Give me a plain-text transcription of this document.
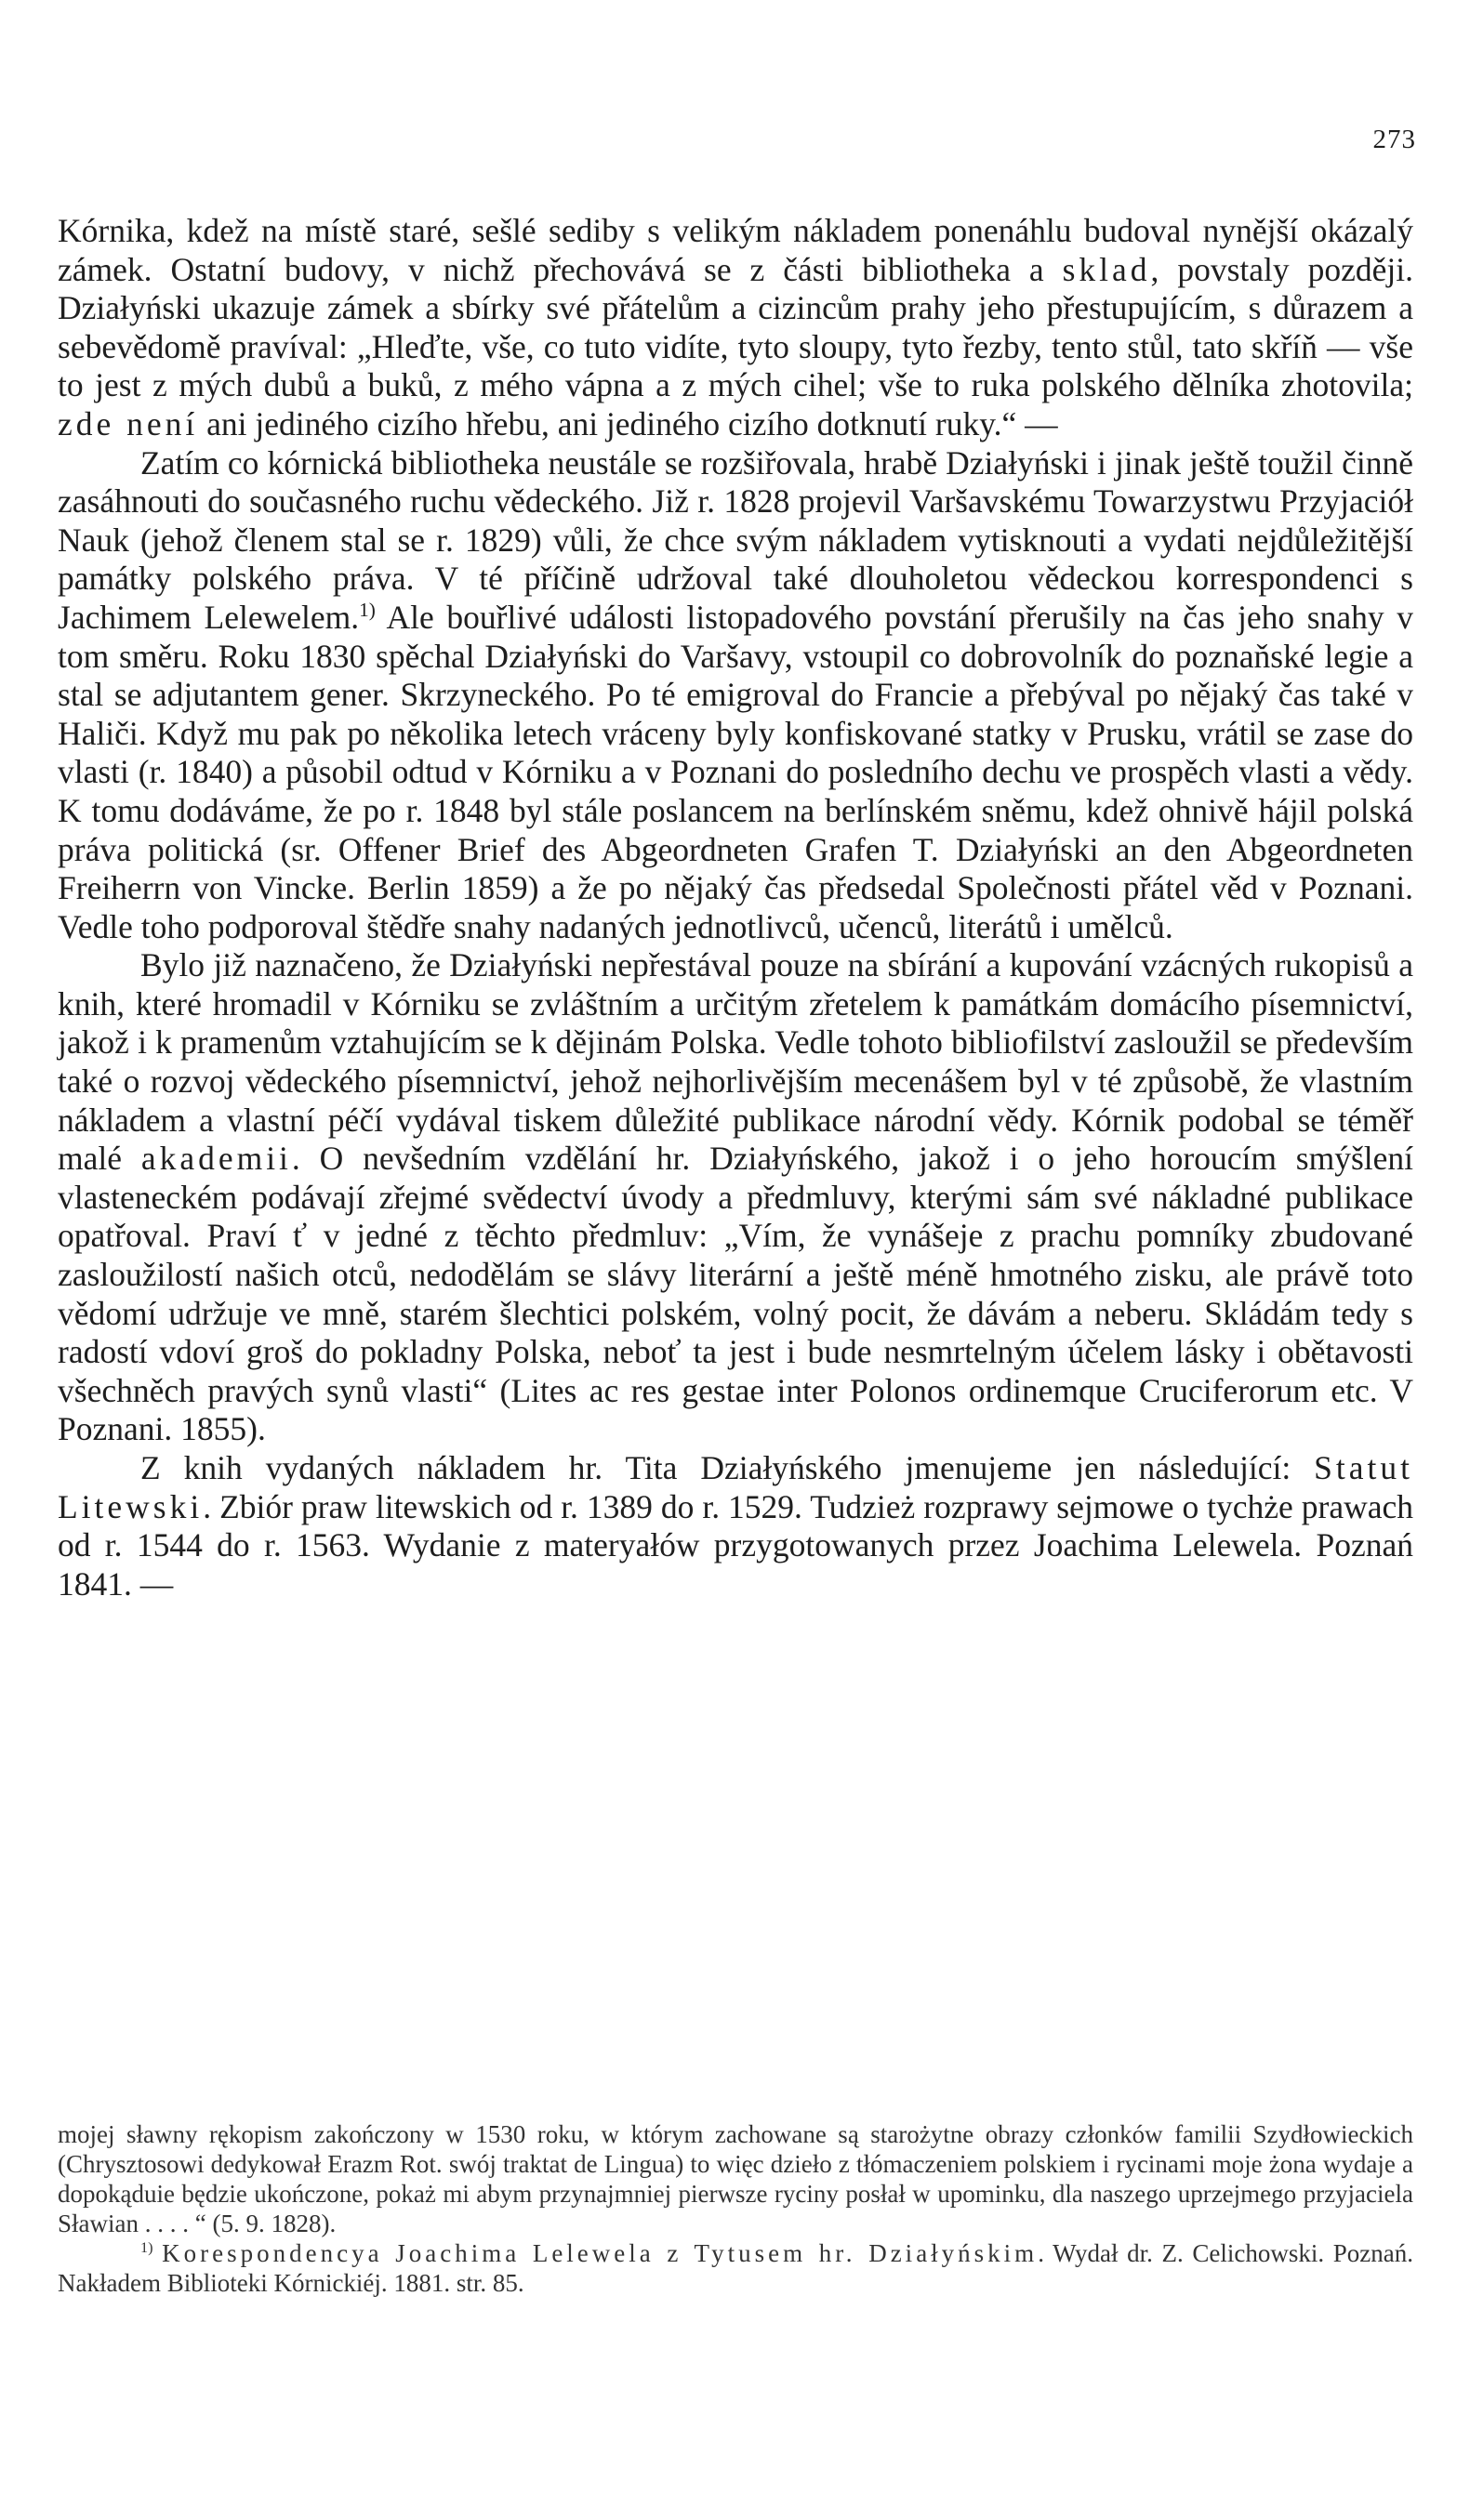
273

Kórnika, kdež na místě staré, sešlé sediby s velikým nákladem ponenáhlu budoval nynější okázalý zámek. Ostatní budovy, v nichž přechovává se z části bibliotheka a sklad, povstaly později. Działyński ukazuje zámek a sbírky své přátelům a cizincům prahy jeho přestupujícím, s důrazem a sebevědomě pravíval: „Hleďte, vše, co tuto vidíte, tyto sloupy, tyto řezby, tento stůl, tato skříň — vše to jest z mých dubů a buků, z mého vápna a z mých cihel; vše to ruka polského dělníka zhotovila; zde není ani jediného cizího hřebu, ani jediného cizího dotknutí ruky.“ —

Zatím co kórnická bibliotheka neustále se rozšiřovala, hrabě Działyński i jinak ještě toužil činně zasáhnouti do současného ruchu vědeckého. Již r. 1828 projevil Varšavskému Towarzystwu Przyjaciół Nauk (jehož členem stal se r. 1829) vůli, že chce svým nákladem vytisknouti a vydati nejdůležitější památky polského práva. V té příčině udržoval také dlouholetou vědeckou korrespondenci s Jachimem Lelewelem.$^{1)}$ Ale bouřlivé události listopadového povstání přerušily na čas jeho snahy v tom směru. Roku 1830 spěchal Działyński do Varšavy, vstoupil co dobrovolník do poznaňské legie a stal se adjutantem gener. Skrzyneckého. Po té emigroval do Francie a přebýval po nějaký čas také v Haliči. Když mu pak po několika letech vráceny byly konfiskované statky v Prusku, vrátil se zase do vlasti (r. 1840) a působil odtud v Kórniku a v Poznani do posledního dechu ve prospěch vlasti a vědy. K tomu dodáváme, že po r. 1848 byl stále poslancem na berlínském sněmu, kdež ohnivě hájil polská práva politická (sr. Offener Brief des Abgeordneten Grafen T. Działyński an den Abgeordneten Freiherrn von Vincke. Berlin 1859) a že po nějaký čas předsedal Společnosti přátel věd v Poznani. Vedle toho podporoval štědře snahy nadaných jednotlivců, učenců, literátů i umělců.

Bylo již naznačeno, že Działyński nepřestával pouze na sbírání a kupování vzácných rukopisů a knih, které hromadil v Kórniku se zvláštním a určitým zřetelem k památkám domácího písemnictví, jakož i k pramenům vztahujícím se k dějinám Polska. Vedle tohoto bibliofilství zasloužil se především také o rozvoj vědeckého písemnictví, jehož nejhorlivějším mecenášem byl v té způsobě, že vlastním nákladem a vlastní péčí vydával tiskem důležité publikace národní vědy. Kórnik podobal se téměř malé akademii. O nevšedním vzdělání hr. Działyńského, jakož i o jeho horoucím smýšlení vlasteneckém podávají zřejmé svědectví úvody a předmluvy, kterými sám své nákladné publikace opatřoval. Praví ť v jedné z těchto předmluv: „Vím, že vynášeje z prachu pomníky zbudované zasloužilostí našich otců, nedodělám se slávy literární a ještě méně hmotného zisku, ale právě toto vědomí udržuje ve mně, starém šlechtici polském, volný pocit, že dávám a neberu. Skládám tedy s radostí vdoví groš do pokladny Polska, neboť ta jest i bude nesmrtelným účelem lásky i obětavosti všechněch pravých synů vlasti“ (Lites ac res gestae inter Polonos ordinemque Cruciferorum etc. V Poznani. 1855).

Z knih vydaných nákladem hr. Tita Działyńského jmenujeme jen následující: Statut Litewski. Zbiór praw litewskich od r. 1389 do r. 1529. Tudzież rozprawy sejmowe o tychże prawach od r. 1544 do r. 1563. Wydanie z materyałów przygotowanych przez Joachima Lelewela. Poznań 1841. —

mojej sławny rękopism zakończony w 1530 roku, w którym zachowane są starożytne obrazy członków familii Szydłowieckich (Chrysztosowi dedykował Erazm Rot. swój traktat de Lingua) to więc dzieło z tłómaczeniem polskiem i rycinami moje żona wydaje a dopokąduie będzie ukończone, pokaż mi abym przynajmniej pierwsze ryciny posłał w upominku, dla naszego uprzejmego przyjaciela Sławian . . . . “ (5. 9. 1828).

$^{1)}$ Korespondencya Joachima Lelewela z Tytusem hr. Działyńskim. Wydał dr. Z. Celichowski. Poznań. Nakładem Biblioteki Kórnickiéj. 1881. str. 85.
